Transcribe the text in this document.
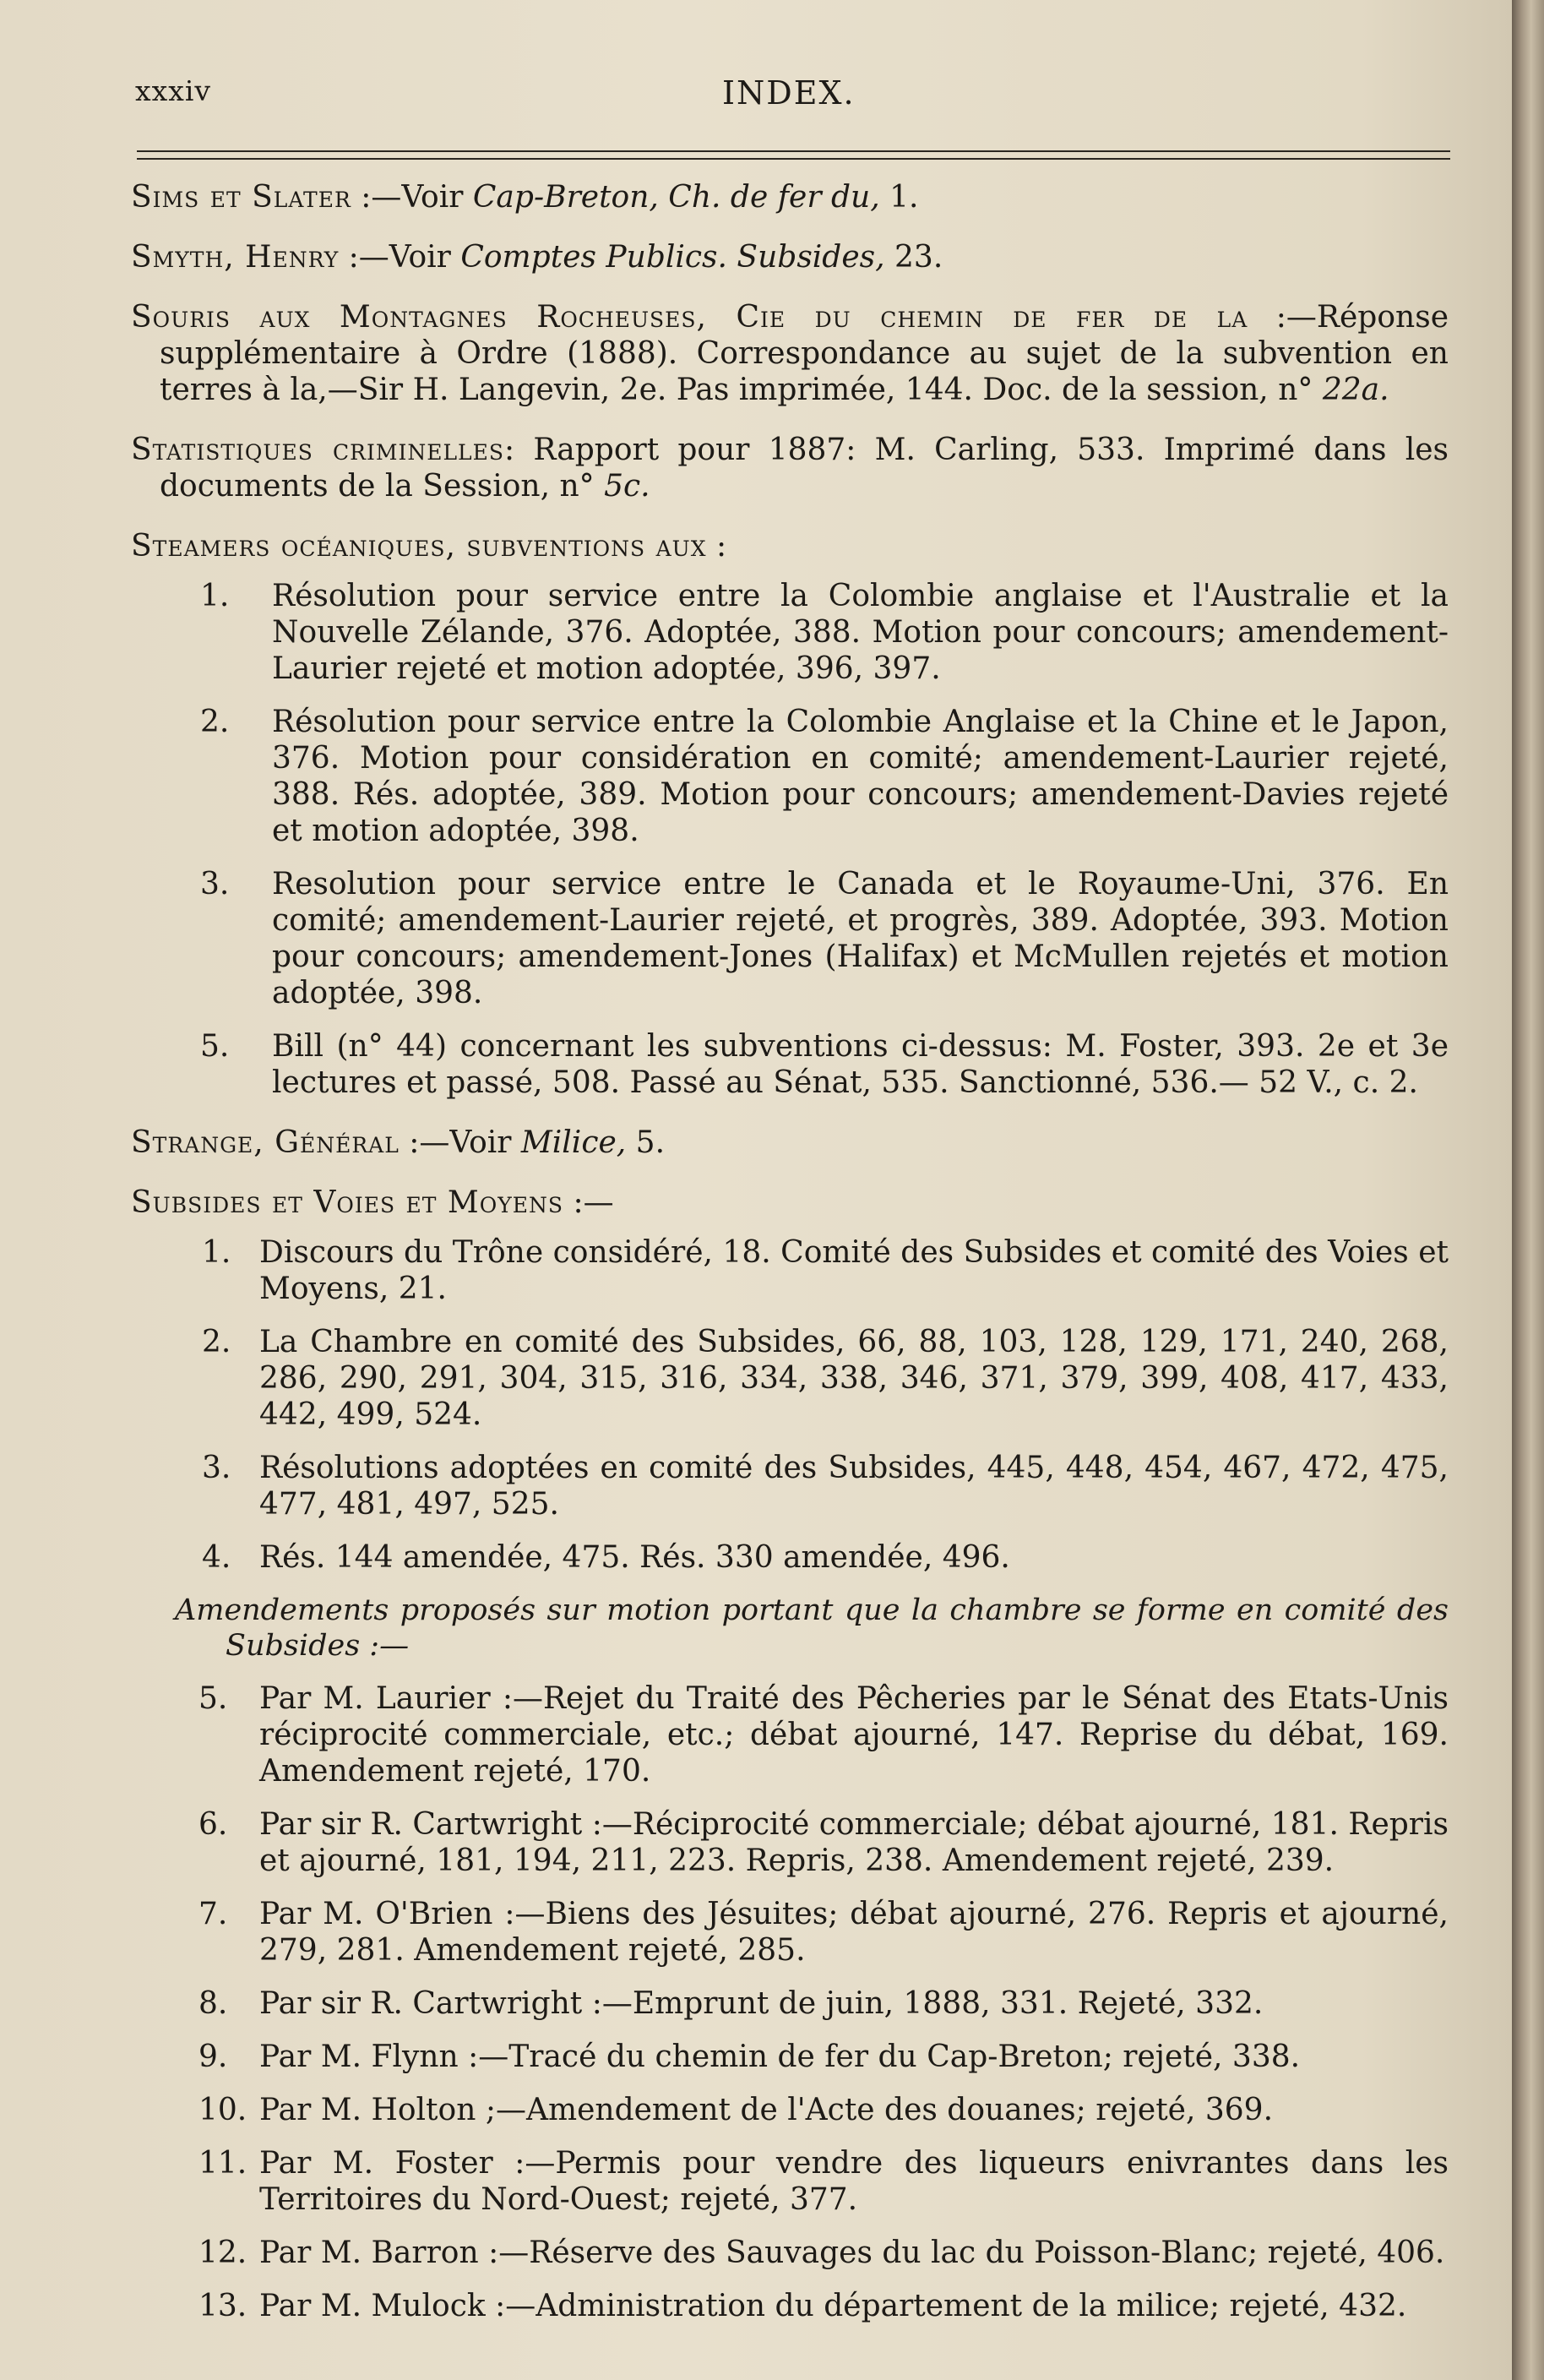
xxxiv	INDEX.

Sims et Slater :—Voir Cap-Breton, Ch. de fer du, 1.

Smyth, Henry :—Voir Comptes Publics. Subsides, 23.

Souris aux Montagnes Rocheuses, Cie du chemin de fer de la :—Réponse supplémentaire à Ordre (1888). Correspondance au sujet de la subvention en terres à la,—Sir H. Langevin, 2e. Pas imprimée, 144. Doc. de la session, n° 22a.

Statistiques criminelles: Rapport pour 1887: M. Carling, 533. Imprimé dans les documents de la Session, n° 5c.

Steamers océaniques, subventions aux :

1. Résolution pour service entre la Colombie anglaise et l'Australie et la Nouvelle Zélande, 376. Adoptée, 388. Motion pour concours; amendement-Laurier rejeté et motion adoptée, 396, 397.
2. Résolution pour service entre la Colombie Anglaise et la Chine et le Japon, 376. Motion pour considération en comité; amendement-Laurier rejeté, 388. Rés. adoptée, 389. Motion pour concours; amendement-Davies rejeté et motion adoptée, 398.
3. Resolution pour service entre le Canada et le Royaume-Uni, 376. En comité; amendement-Laurier rejeté, et progrès, 389. Adoptée, 393. Motion pour concours; amendement-Jones (Halifax) et McMullen rejetés et motion adoptée, 398.
5. Bill (n° 44) concernant les subventions ci-dessus: M. Foster, 393. 2e et 3e lectures et passé, 508. Passé au Sénat, 535. Sanctionné, 536.— 52 V., c. 2.

Strange, Général :—Voir Milice, 5.

Subsides et Voies et Moyens :—

1. Discours du Trône considéré, 18. Comité des Subsides et comité des Voies et Moyens, 21.
2. La Chambre en comité des Subsides, 66, 88, 103, 128, 129, 171, 240, 268, 286, 290, 291, 304, 315, 316, 334, 338, 346, 371, 379, 399, 408, 417, 433, 442, 499, 524.
3. Résolutions adoptées en comité des Subsides, 445, 448, 454, 467, 472, 475, 477, 481, 497, 525.
4. Rés. 144 amendée, 475. Rés. 330 amendée, 496.

Amendements proposés sur motion portant que la chambre se forme en comité des Subsides :—

5. Par M. Laurier :—Rejet du Traité des Pêcheries par le Sénat des Etats-Unis réciprocité commerciale, etc.; débat ajourné, 147. Reprise du débat, 169. Amendement rejeté, 170.
6. Par sir R. Cartwright :—Réciprocité commerciale; débat ajourné, 181. Repris et ajourné, 181, 194, 211, 223. Repris, 238. Amendement rejeté, 239.
7. Par M. O'Brien :—Biens des Jésuites; débat ajourné, 276. Repris et ajourné, 279, 281. Amendement rejeté, 285.
8. Par sir R. Cartwright :—Emprunt de juin, 1888, 331. Rejeté, 332.
9. Par M. Flynn :—Tracé du chemin de fer du Cap-Breton; rejeté, 338.
10. Par M. Holton ;—Amendement de l'Acte des douanes; rejeté, 369.
11. Par M. Foster :—Permis pour vendre des liqueurs enivrantes dans les Territoires du Nord-Ouest; rejeté, 377.
12. Par M. Barron :—Réserve des Sauvages du lac du Poisson-Blanc; rejeté, 406.
13. Par M. Mulock :—Administration du département de la milice; rejeté, 432.
